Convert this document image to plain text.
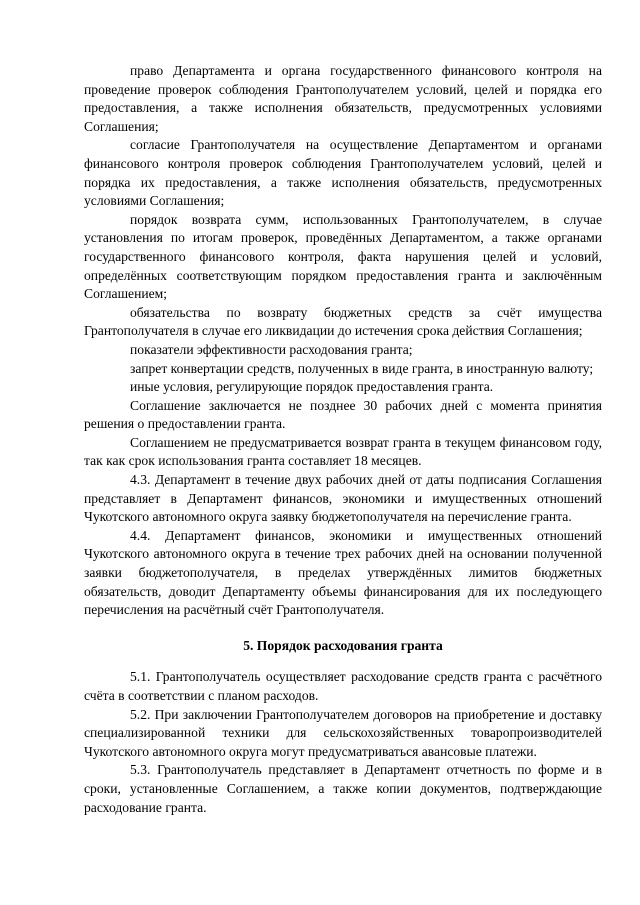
право Департамента и органа государственного финансового контроля на проведение проверок соблюдения Грантополучателем условий, целей и порядка его предоставления, а также исполнения обязательств, предусмотренных условиями Соглашения;

согласие Грантополучателя на осуществление Департаментом и органами финансового контроля проверок соблюдения Грантополучателем условий, целей и порядка их предоставления, а также исполнения обязательств, предусмотренных условиями Соглашения;

порядок возврата сумм, использованных Грантополучателем, в случае установления по итогам проверок, проведённых Департаментом, а также органами государственного финансового контроля, факта нарушения целей и условий, определённых соответствующим порядком предоставления гранта и заключённым Соглашением;

обязательства по возврату бюджетных средств за счёт имущества Грантополучателя в случае его ликвидации до истечения срока действия Соглашения;

показатели эффективности расходования гранта;

запрет конвертации средств, полученных в виде гранта, в иностранную валюту;

иные условия, регулирующие порядок предоставления гранта.

Соглашение заключается не позднее 30 рабочих дней с момента принятия решения о предоставлении гранта.

Соглашением не предусматривается возврат гранта в текущем финансовом году, так как срок использования гранта составляет 18 месяцев.

4.3. Департамент в течение двух рабочих дней от даты подписания Соглашения представляет в Департамент финансов, экономики и имущественных отношений Чукотского автономного округа заявку бюджетополучателя на перечисление гранта.

4.4. Департамент финансов, экономики и имущественных отношений Чукотского автономного округа в течение трех рабочих дней на основании полученной заявки бюджетополучателя, в пределах утверждённых лимитов бюджетных обязательств, доводит Департаменту объемы финансирования для их последующего перечисления на расчётный счёт Грантополучателя.

5. Порядок расходования гранта

5.1. Грантополучатель осуществляет расходование средств гранта с расчётного счёта в соответствии с планом расходов.

5.2. При заключении Грантополучателем договоров на приобретение и доставку специализированной техники для сельскохозяйственных товаропроизводителей Чукотского автономного округа могут предусматриваться авансовые платежи.

5.3. Грантополучатель представляет в Департамент отчетность по форме и в сроки, установленные Соглашением, а также копии документов, подтверждающие расходование гранта.
